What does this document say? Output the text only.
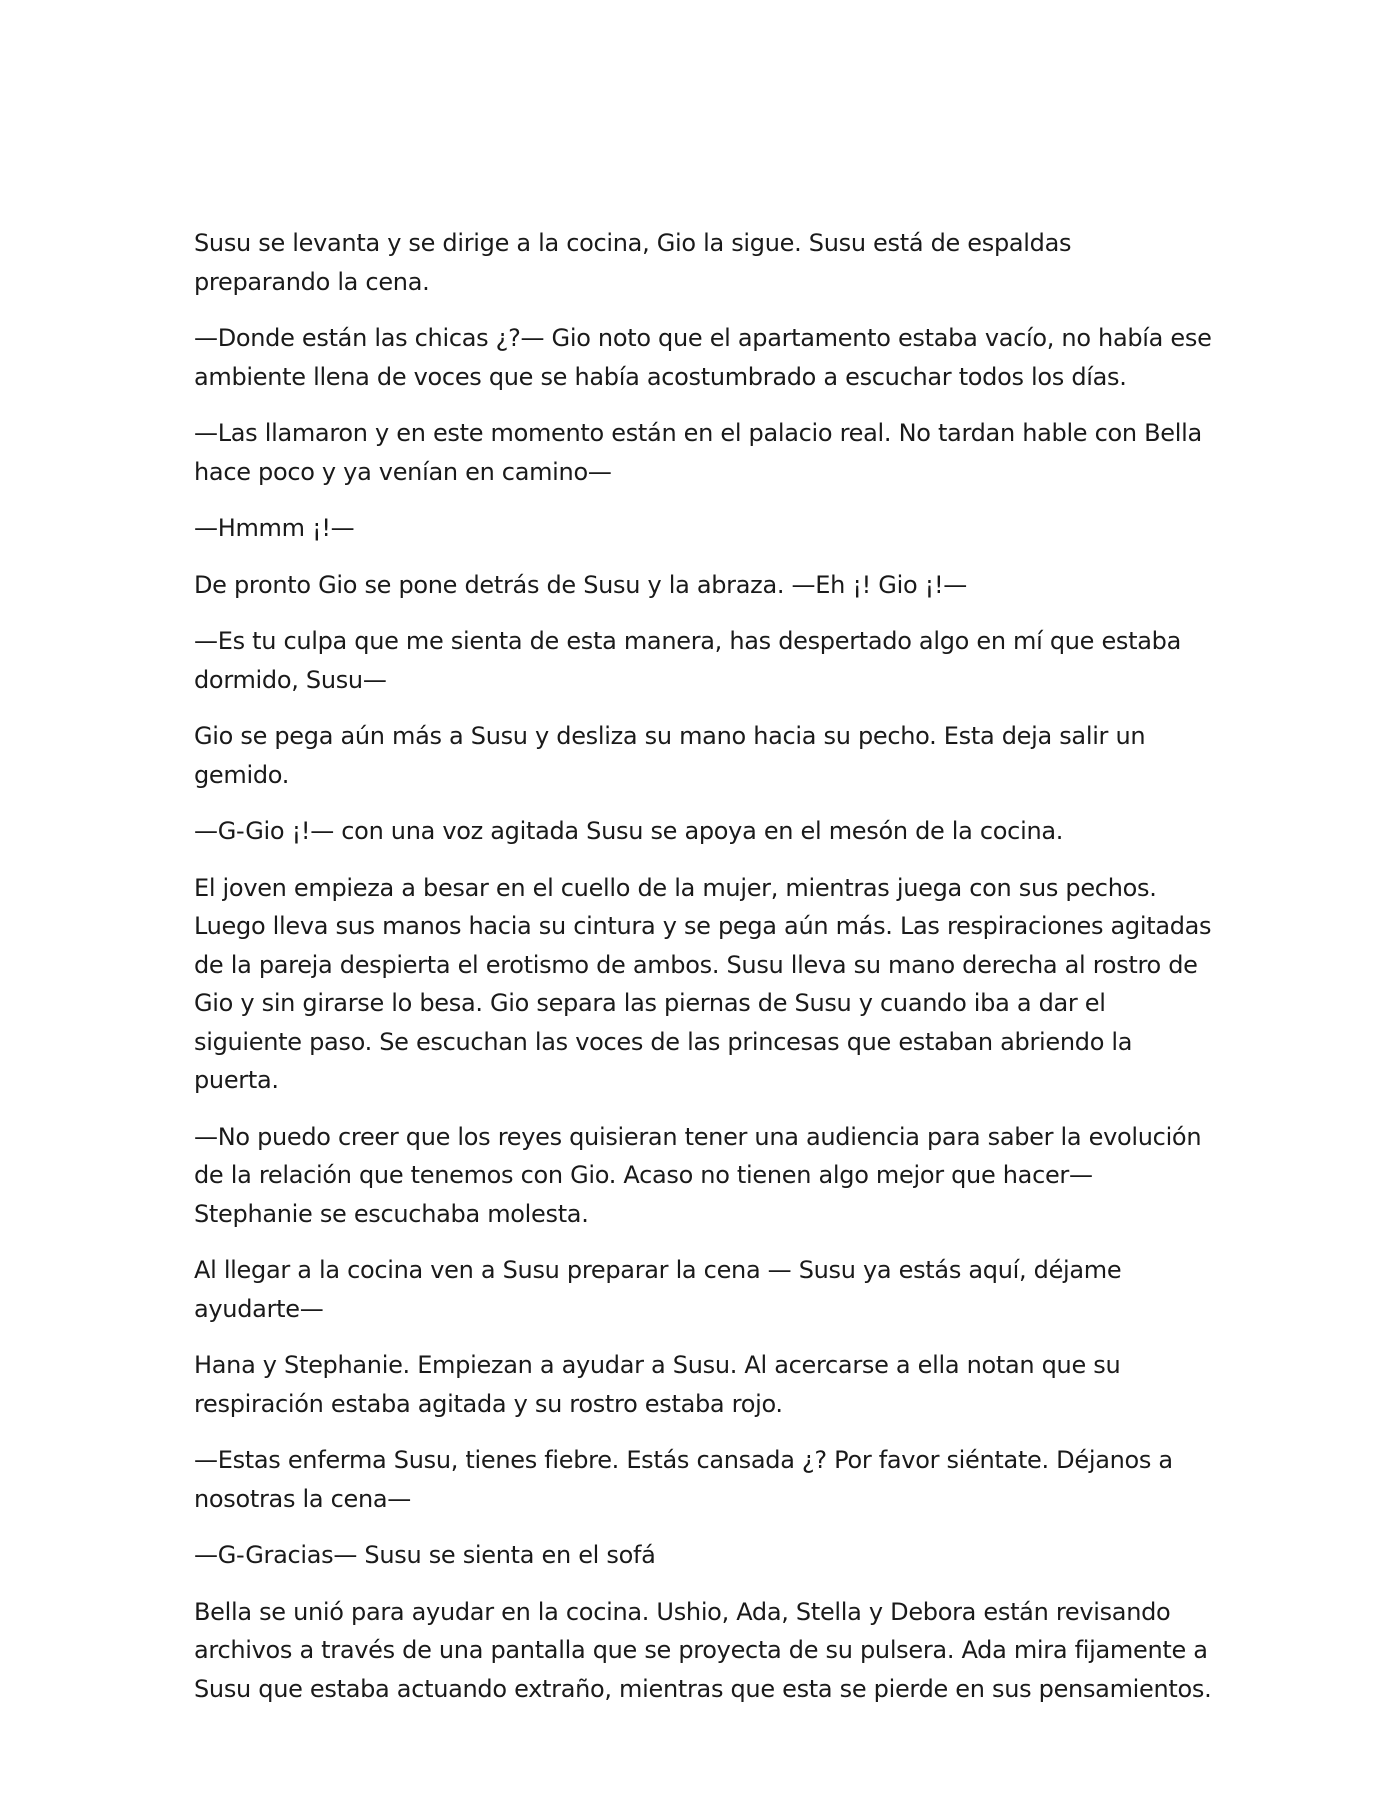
Susu se levanta y se dirige a la cocina, Gio la sigue. Susu está de espaldas preparando la cena.

—Donde están las chicas ¿?— Gio noto que el apartamento estaba vacío, no había ese ambiente llena de voces que se había acostumbrado a escuchar todos los días.

—Las llamaron y en este momento están en el palacio real. No tardan hable con Bella hace poco y ya venían en camino—

—Hmmm ¡!—

De pronto Gio se pone detrás de Susu y la abraza. —Eh ¡! Gio ¡!—

—Es tu culpa que me sienta de esta manera, has despertado algo en mí que estaba dormido, Susu—

Gio se pega aún más a Susu y desliza su mano hacia su pecho. Esta deja salir un gemido.

—G-Gio ¡!— con una voz agitada Susu se apoya en el mesón de la cocina.

El joven empieza a besar en el cuello de la mujer, mientras juega con sus pechos. Luego lleva sus manos hacia su cintura y se pega aún más. Las respiraciones agitadas de la pareja despierta el erotismo de ambos. Susu lleva su mano derecha al rostro de Gio y sin girarse lo besa. Gio separa las piernas de Susu y cuando iba a dar el siguiente paso. Se escuchan las voces de las princesas que estaban abriendo la puerta.

—No puedo creer que los reyes quisieran tener una audiencia para saber la evolución de la relación que tenemos con Gio. Acaso no tienen algo mejor que hacer— Stephanie se escuchaba molesta.

Al llegar a la cocina ven a Susu preparar la cena — Susu ya estás aquí, déjame ayudarte—

Hana y Stephanie. Empiezan a ayudar a Susu. Al acercarse a ella notan que su respiración estaba agitada y su rostro estaba rojo.

—Estas enferma Susu, tienes fiebre. Estás cansada ¿? Por favor siéntate. Déjanos a nosotras la cena—

—G-Gracias— Susu se sienta en el sofá

Bella se unió para ayudar en la cocina. Ushio, Ada, Stella y Debora están revisando archivos a través de una pantalla que se proyecta de su pulsera. Ada mira fijamente a Susu que estaba actuando extraño, mientras que esta se pierde en sus pensamientos.
